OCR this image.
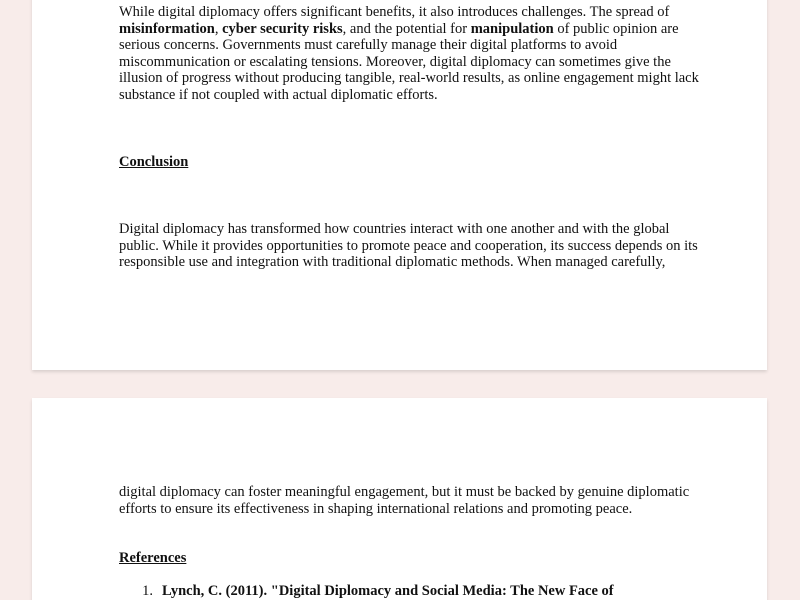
While digital diplomacy offers significant benefits, it also introduces challenges. The spread of misinformation, cyber security risks, and the potential for manipulation of public opinion are serious concerns. Governments must carefully manage their digital platforms to avoid miscommunication or escalating tensions. Moreover, digital diplomacy can sometimes give the illusion of progress without producing tangible, real-world results, as online engagement might lack substance if not coupled with actual diplomatic efforts.

Conclusion

Digital diplomacy has transformed how countries interact with one another and with the global public. While it provides opportunities to promote peace and cooperation, its success depends on its responsible use and integration with traditional diplomatic methods. When managed carefully,

digital diplomacy can foster meaningful engagement, but it must be backed by genuine diplomatic efforts to ensure its effectiveness in shaping international relations and promoting peace.

References
1. Lynch, C. (2011). "Digital Diplomacy and Social Media: The New Face of
